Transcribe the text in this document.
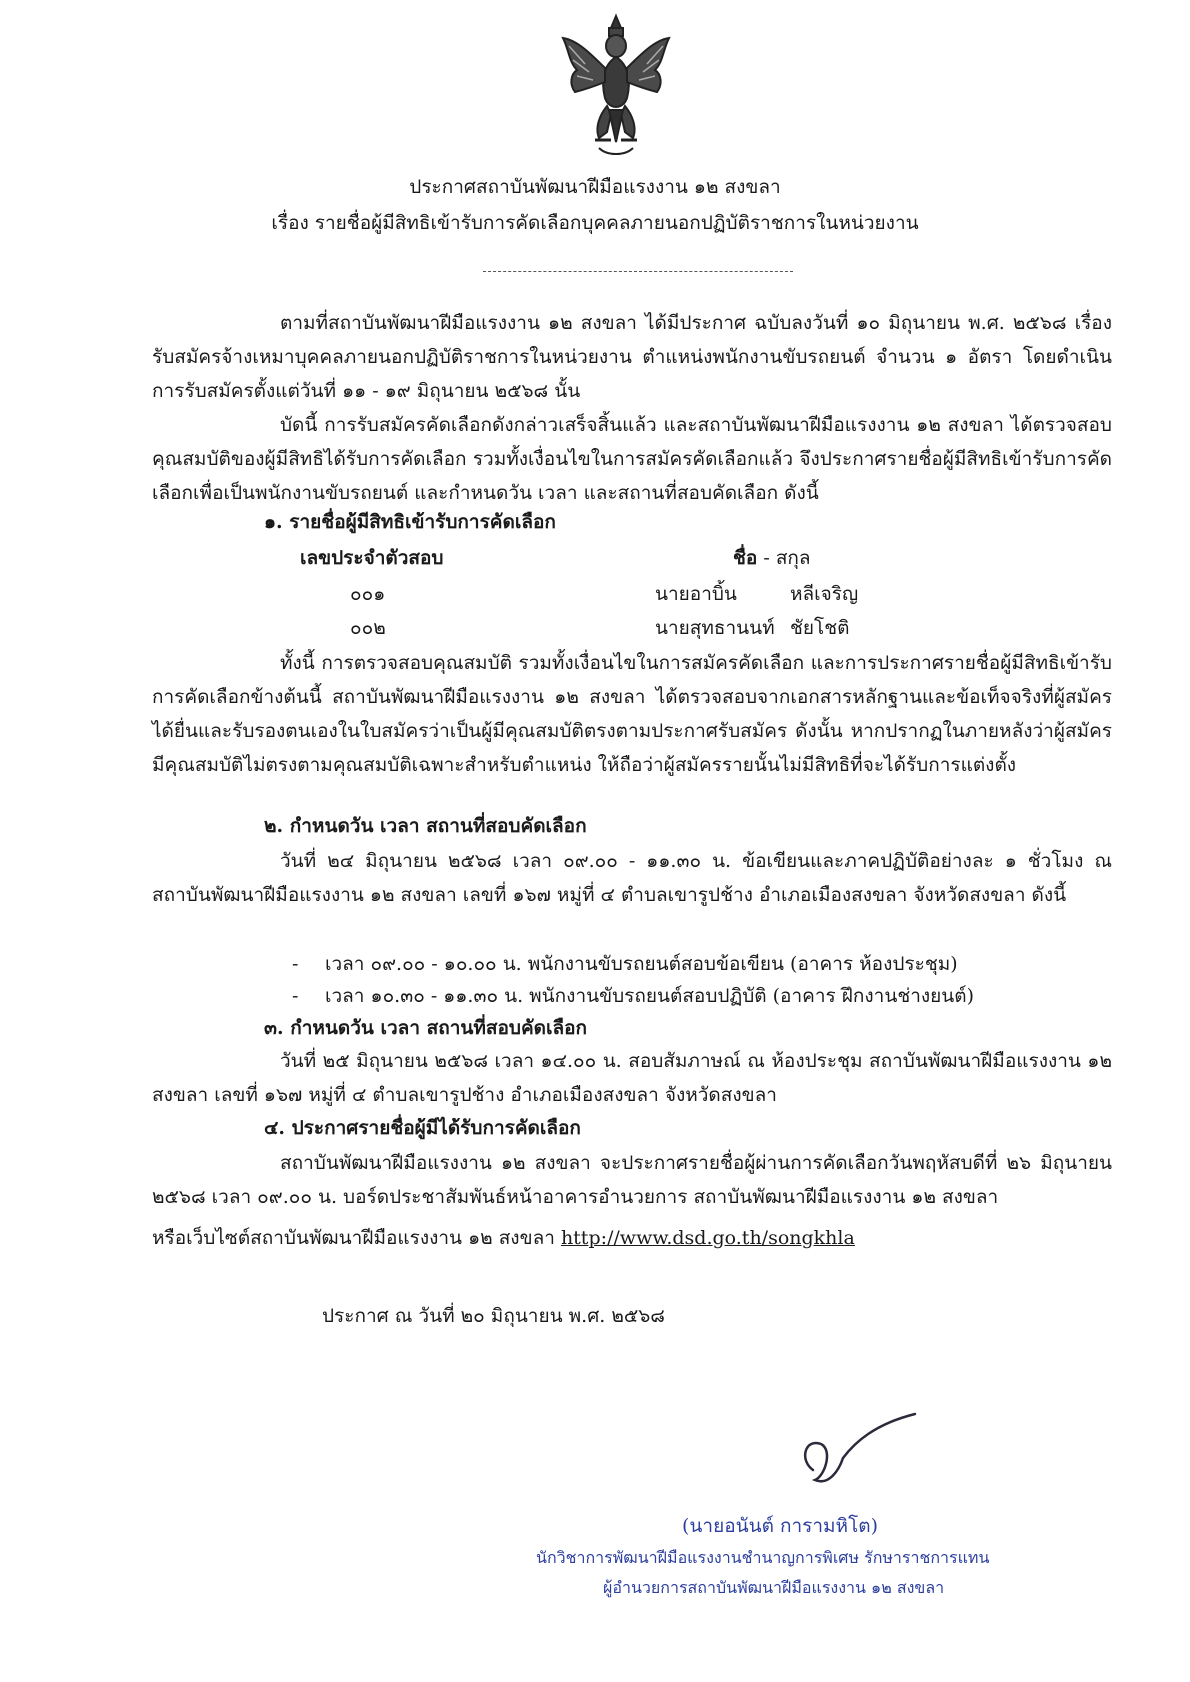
ประกาศสถาบันพัฒนาฝีมือแรงงาน ๑๒ สงขลา
เรื่อง รายชื่อผู้มีสิทธิเข้ารับการคัดเลือกบุคคลภายนอกปฏิบัติราชการในหน่วยงาน
ตามที่สถาบันพัฒนาฝีมือแรงงาน ๑๒ สงขลา ได้มีประกาศ ฉบับลงวันที่ ๑๐ มิถุนายน พ.ศ. ๒๕๖๘ เรื่อง รับสมัครจ้างเหมาบุคคลภายนอกปฏิบัติราชการในหน่วยงาน ตำแหน่งพนักงานขับรถยนต์ จำนวน ๑ อัตรา โดยดำเนินการรับสมัครตั้งแต่วันที่ ๑๑ - ๑๙ มิถุนายน ๒๕๖๘ นั้น
บัดนี้ การรับสมัครคัดเลือกดังกล่าวเสร็จสิ้นแล้ว และสถาบันพัฒนาฝีมือแรงงาน ๑๒ สงขลา ได้ตรวจสอบคุณสมบัติของผู้มีสิทธิได้รับการคัดเลือก รวมทั้งเงื่อนไขในการสมัครคัดเลือกแล้ว จึงประกาศรายชื่อผู้มีสิทธิเข้ารับการคัดเลือกเพื่อเป็นพนักงานขับรถยนต์ และกำหนดวัน เวลา และสถานที่สอบคัดเลือก ดังนี้
๑. รายชื่อผู้มีสิทธิเข้ารับการคัดเลือก
เลขประจำตัวสอบ	ชื่อ - สกุล
๐๐๑	นายอาบิ้น	หลีเจริญ
๐๐๒	นายสุทธานนท์ ชัยโชติ
ทั้งนี้ การตรวจสอบคุณสมบัติ รวมทั้งเงื่อนไขในการสมัครคัดเลือก และการประกาศรายชื่อผู้มีสิทธิเข้ารับการคัดเลือกข้างต้นนี้ สถาบันพัฒนาฝีมือแรงงาน ๑๒ สงขลา ได้ตรวจสอบจากเอกสารหลักฐานและข้อเท็จจริงที่ผู้สมัครได้ยื่นและรับรองตนเองในใบสมัครว่าเป็นผู้มีคุณสมบัติตรงตามประกาศรับสมัคร ดังนั้น หากปรากฏในภายหลังว่าผู้สมัครมีคุณสมบัติไม่ตรงตามคุณสมบัติเฉพาะสำหรับตำแหน่ง ให้ถือว่าผู้สมัครรายนั้นไม่มีสิทธิที่จะได้รับการแต่งตั้ง
๒. กำหนดวัน เวลา สถานที่สอบคัดเลือก
วันที่ ๒๔ มิถุนายน ๒๕๖๘ เวลา ๐๙.๐๐ - ๑๑.๓๐ น. ข้อเขียนและภาคปฏิบัติอย่างละ ๑ ชั่วโมง ณ สถาบันพัฒนาฝีมือแรงงาน ๑๒ สงขลา เลขที่ ๑๖๗ หมู่ที่ ๔ ตำบลเขารูปช้าง อำเภอเมืองสงขลา จังหวัดสงขลา ดังนี้
- เวลา ๐๙.๐๐ - ๑๐.๐๐ น. พนักงานขับรถยนต์สอบข้อเขียน (อาคาร ห้องประชุม)
- เวลา ๑๐.๓๐ - ๑๑.๓๐ น. พนักงานขับรถยนต์สอบปฏิบัติ (อาคาร ฝึกงานช่างยนต์)
๓. กำหนดวัน เวลา สถานที่สอบคัดเลือก
วันที่ ๒๕ มิถุนายน ๒๕๖๘ เวลา ๑๔.๐๐ น. สอบสัมภาษณ์ ณ ห้องประชุม สถาบันพัฒนาฝีมือแรงงาน ๑๒ สงขลา เลขที่ ๑๖๗ หมู่ที่ ๔ ตำบลเขารูปช้าง อำเภอเมืองสงขลา จังหวัดสงขลา
๔. ประกาศรายชื่อผู้มีได้รับการคัดเลือก
สถาบันพัฒนาฝีมือแรงงาน ๑๒ สงขลา จะประกาศรายชื่อผู้ผ่านการคัดเลือกวันพฤหัสบดีที่ ๒๖ มิถุนายน ๒๕๖๘ เวลา ๐๙.๐๐ น. บอร์ดประชาสัมพันธ์หน้าอาคารอำนวยการ สถาบันพัฒนาฝีมือแรงงาน ๑๒ สงขลา
หรือเว็บไซต์สถาบันพัฒนาฝีมือแรงงาน ๑๒ สงขลา http://www.dsd.go.th/songkhla
ประกาศ ณ วันที่ ๒๐ มิถุนายน พ.ศ. ๒๕๖๘
(นายอนันต์ การามหิโต)
นักวิชาการพัฒนาฝีมือแรงงานชำนาญการพิเศษ รักษาราชการแทน
ผู้อำนวยการสถาบันพัฒนาฝีมือแรงงาน ๑๒ สงขลา
